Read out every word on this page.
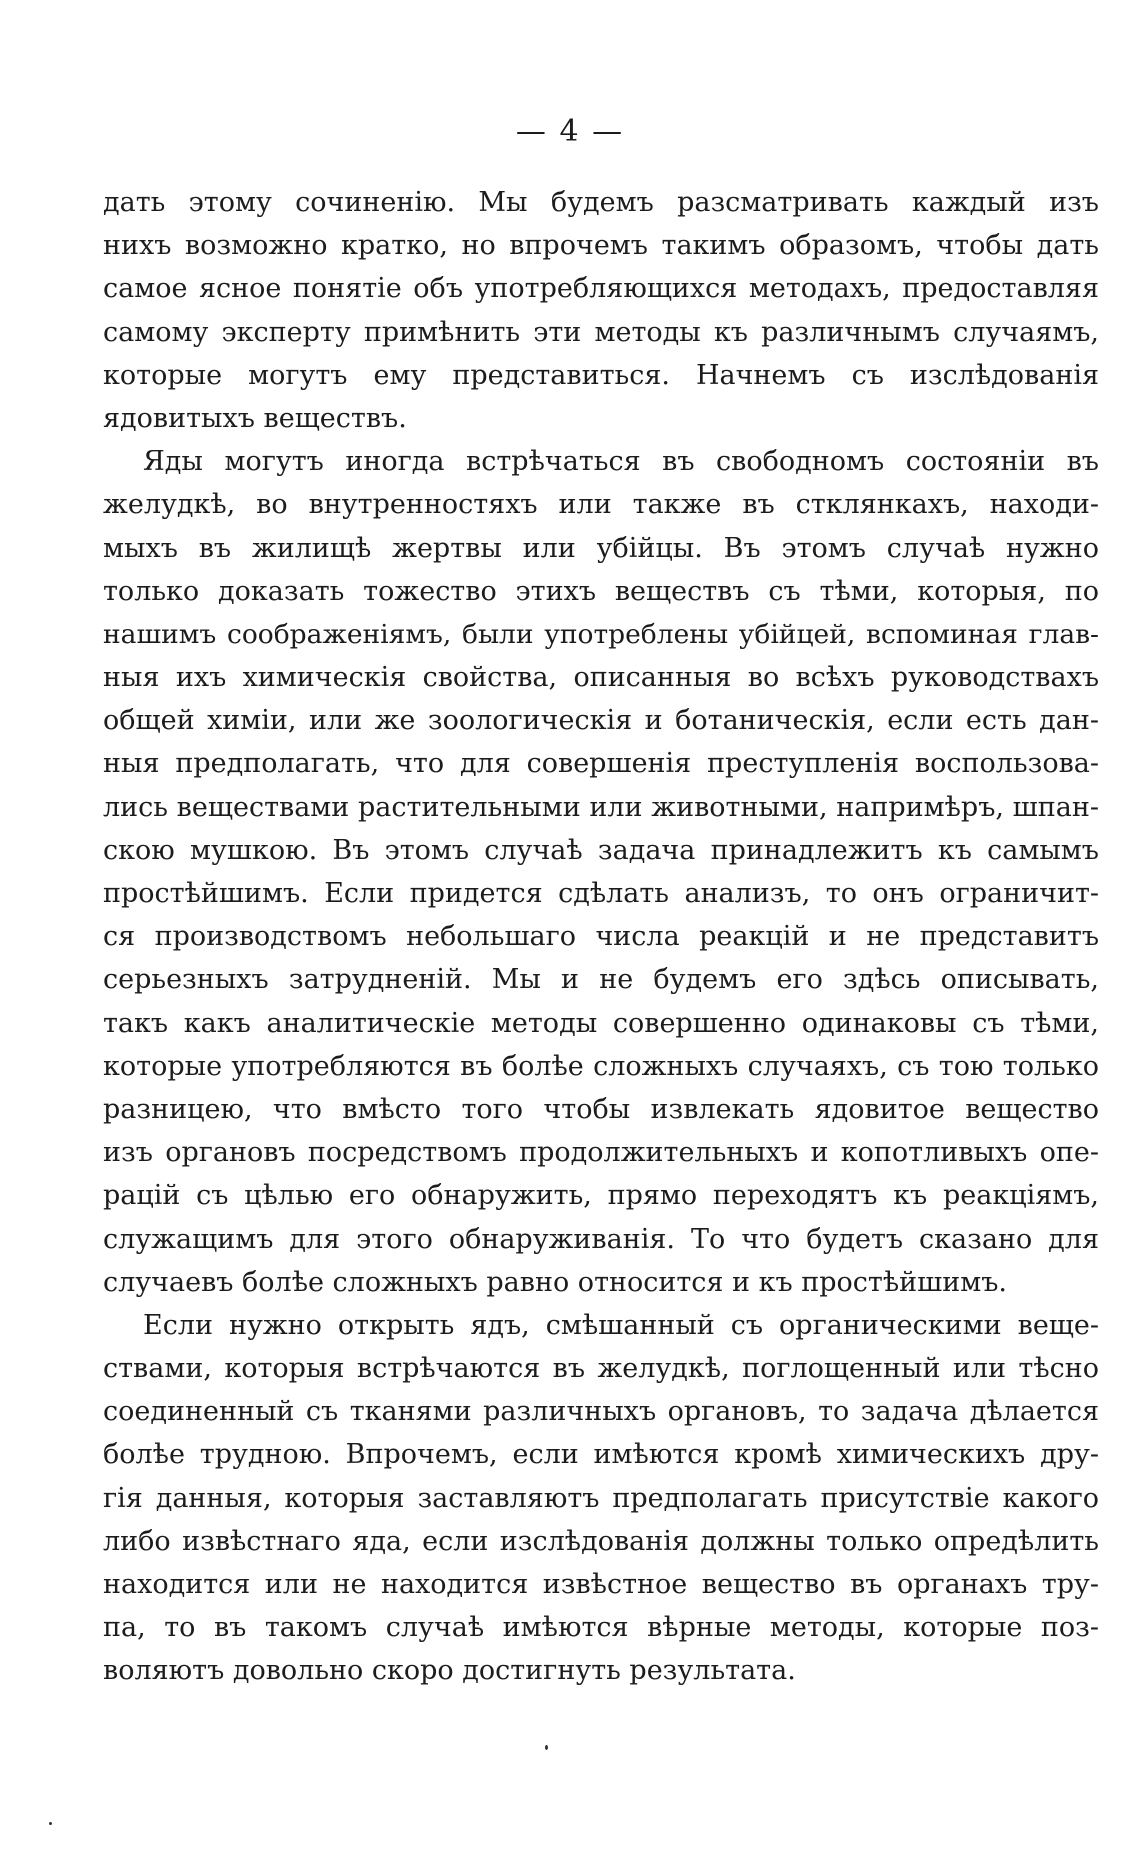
— 4 —
дать этому сочиненію. Мы будемъ разсматривать каждый изъ
нихъ возможно кратко, но впрочемъ такимъ образомъ, чтобы дать
самое ясное понятіе объ употребляющихся методахъ, предоставляя
самому эксперту примѣнить эти методы къ различнымъ случаямъ,
которые могутъ ему представиться. Начнемъ съ изслѣдованія
ядовитыхъ веществъ.
Яды могутъ иногда встрѣчаться въ свободномъ состояніи въ
желудкѣ, во внутренностяхъ или также въ стклянкахъ, находи-
мыхъ въ жилищѣ жертвы или убійцы. Въ этомъ случаѣ нужно
только доказать тожество этихъ веществъ съ тѣми, которыя, по
нашимъ соображеніямъ, были употреблены убійцей, вспоминая глав-
ныя ихъ химическія свойства, описанныя во всѣхъ руководствахъ
общей химіи, или же зоологическія и ботаническія, если есть дан-
ныя предполагать, что для совершенія преступленія воспользова-
лись веществами растительными или животными, напримѣръ, шпан-
скою мушкою. Въ этомъ случаѣ задача принадлежитъ къ самымъ
простѣйшимъ. Если придется сдѣлать анализъ, то онъ ограничит-
ся производствомъ небольшаго числа реакцій и не представитъ
серьезныхъ затрудненій. Мы и не будемъ его здѣсь описывать,
такъ какъ аналитическіе методы совершенно одинаковы съ тѣми,
которые употребляются въ болѣе сложныхъ случаяхъ, съ тою только
разницею, что вмѣсто того чтобы извлекать ядовитое вещество
изъ органовъ посредствомъ продолжительныхъ и копотливыхъ опе-
рацій съ цѣлью его обнаружить, прямо переходятъ къ реакціямъ,
служащимъ для этого обнаруживанія. То что будетъ сказано для
случаевъ болѣе сложныхъ равно относится и къ простѣйшимъ.
Если нужно открыть ядъ, смѣшанный съ органическими веще-
ствами, которыя встрѣчаются въ желудкѣ, поглощенный или тѣсно
соединенный съ тканями различныхъ органовъ, то задача дѣлается
болѣе трудною. Впрочемъ, если имѣются кромѣ химическихъ дру-
гія данныя, которыя заставляютъ предполагать присутствіе какого
либо извѣстнаго яда, если изслѣдованія должны только опредѣлить
находится или не находится извѣстное вещество въ органахъ тру-
па, то въ такомъ случаѣ имѣются вѣрные методы, которые поз-
воляютъ довольно скоро достигнуть результата.
